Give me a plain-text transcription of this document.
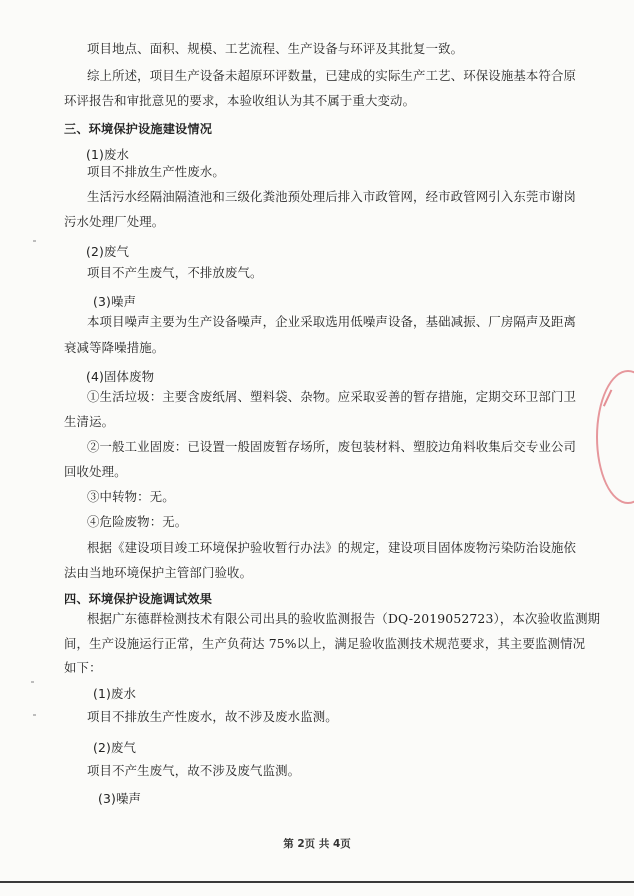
项目地点、面积、规模、工艺流程、生产设备与环评及其批复一致。
综上所述，项目生产设备未超原环评数量，已建成的实际生产工艺、环保设施基本符合原
环评报告和审批意见的要求，本验收组认为其不属于重大变动。
三、环境保护设施建设情况
(1)废水
项目不排放生产性废水。
生活污水经隔油隔渣池和三级化粪池预处理后排入市政管网，经市政管网引入东莞市谢岗
污水处理厂处理。
(2)废气
项目不产生废气，不排放废气。
(3)噪声
本项目噪声主要为生产设备噪声，企业采取选用低噪声设备，基础减振、厂房隔声及距离
衰减等降噪措施。
(4)固体废物
①生活垃圾：主要含废纸屑、塑料袋、杂物。应采取妥善的暂存措施，定期交环卫部门卫
生清运。
②一般工业固废：已设置一般固废暂存场所，废包装材料、塑胶边角料收集后交专业公司
回收处理。
③中转物：无。
④危险废物：无。
根据《建设项目竣工环境保护验收暂行办法》的规定，建设项目固体废物污染防治设施依
法由当地环境保护主管部门验收。
四、环境保护设施调试效果
根据广东德群检测技术有限公司出具的验收监测报告（DQ-2019052723），本次验收监测期
间，生产设施运行正常，生产负荷达 75%以上，满足验收监测技术规范要求，其主要监测情况
如下：
(1)废水
项目不排放生产性废水，故不涉及废水监测。
(2)废气
项目不产生废气，故不涉及废气监测。
(3)噪声
第 2页 共 4页
